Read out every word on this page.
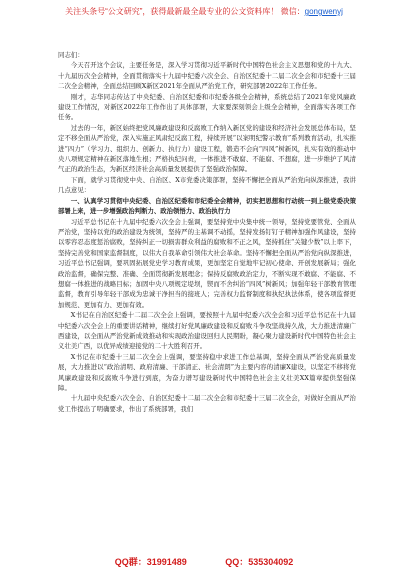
关注头条号“公文研究”，获得最新最全最专业的公文资料库！ 微信：gongwenyj

同志们：

今天召开这个会议，主要任务是，深入学习贯彻习近平新时代中国特色社会主义思想和党的十九大、十九届历次全会精神，全面贯彻落实十九届中纪委六次全会、自治区纪委十二届二次全会和市纪委十三届二次全会精神，全面总结回顾X新区2021年全面从严治党工作，研究部署2022年工作任务。

刚才，志华同志传达了中央纪委、自治区纪委和市纪委各级全会精神，系统总结了2021年党风廉政建设工作情况，对新区2022年工作作出了具体部署，大家要深刻领会上级全会精神，全面落实各项工作任务。

过去的一年，新区始终把党风廉政建设和反腐败工作纳入新区党的建设和经济社会发展总体布局，坚定不移全面从严治党，深入实施正风肃纪反腐工程，持续开展“以案明纪警示教育”系列教育活动，扎实推进“四力”（学习力、组织力、创新力、执行力）建设工程，锻造不会向“四风”树新风，扎实有效的推动中央八项规定精神在新区落地生根；严格执纪问责，一体推进不敢腐、不能腐、不想腐，进一步维护了风清气正的政治生态，为新区经济社会高质量发展提供了坚强政治保障。

下面，就学习贯彻党中央、自治区、X市党委决策部署，坚持不懈把全面从严治党向纵深推进，我讲几点意见：

一、认真学习贯彻中央纪委、自治区纪委和市纪委全会精神，切实把思想和行动统一到上级党委决策部署上来，进一步增强政治判断力、政治领悟力、政治执行力

习近平总书记在十九届中纪委六次全会上强调，要坚持党中央集中统一领导，坚持党要管党、全面从严治党，坚持以党的政治建设为统领，坚持严的主基调不动摇，坚持发扬钉钉子精神加强作风建设，坚持以零容忍态度惩治腐败，坚持纠正一切损害群众利益的腐败和不正之风，坚持抓住“关键少数”以上率下，坚持完善党和国家监督制度，以伟大自我革命引领伟大社会革命。坚持不懈把全面从严治党向纵深推进，习近平总书记强调，要巩固拓展党史学习教育成果，更加坚定自觉地牢记初心使命、开创发展新局；强化政治监督，确保完整、准确、全面贯彻新发展理念；保持反腐败政治定力，不断实现不敢腐、不能腐、不想腐一体推进的战略目标；加固中央八项规定堤坝，锲而不舍纠治“四风”树新风；加强年轻干部教育管理监督，教育引导年轻干部成为忠诚干净担当的接班人；完善权力监督制度和执纪执法体系，使各项监督更加规范、更加有力、更加有效。

X书记在自治区纪委十二届二次全会上强调，要按照十九届中纪委六次全会和习近平总书记在十九届中纪委六次全会上的重要讲话精神，继续打好党风廉政建设和反腐败斗争攻坚战持久战，大力推进清廉广西建设，以全面从严治党新成效推动和实现政治建设回归人民期盼，凝心聚力建设新时代中国特色社会主义壮美广西，以优异成绩迎接党的二十大胜利召开。

X书记在市纪委十三届二次全会上强调，要坚持稳中求进工作总基调，坚持全面从严治党高质量发展，大力推进以“政治清明、政府清廉、干部清正、社会清朗”为主要内容的清廉X建设，以坚定不移将党风廉政建设和反腐败斗争进行到底，为奋力谱写建设新时代中国特色社会主义壮美XX篇章提供坚强保障。

十九届中央纪委六次全会、自治区纪委十二届二次全会和市纪委十三届二次全会，对做好全面从严治党工作提出了明确要求，作出了系统部署，我们

QQ群：31991489	QQ：535304092
